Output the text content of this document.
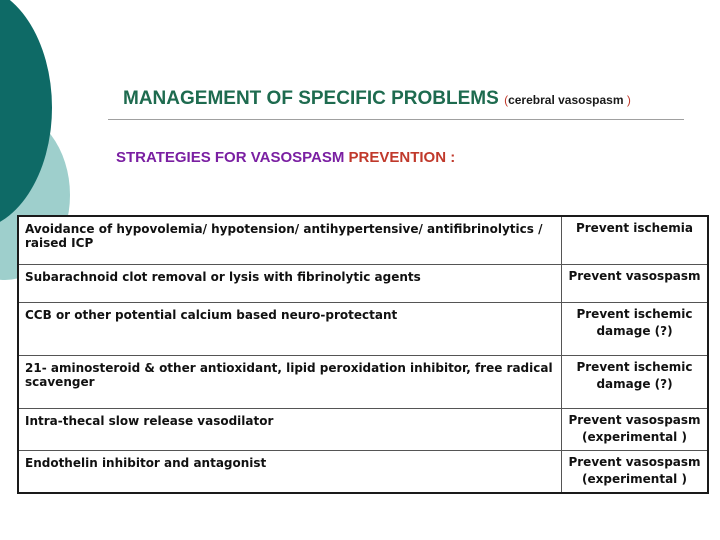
MANAGEMENT OF SPECIFIC PROBLEMS (cerebral vasospasm )
STRATEGIES FOR VASOSPASM PREVENTION :
Avoidance of hypovolemia/ hypotension/ antihypertensive/ antifibrinolytics / raised ICP	Prevent ischemia
Subarachnoid clot removal or lysis with fibrinolytic agents	Prevent vasospasm
CCB or other potential calcium based neuro-protectant	Prevent ischemic damage (?)
21- aminosteroid & other antioxidant, lipid peroxidation inhibitor, free radical scavenger	Prevent ischemic damage (?)
Intra-thecal slow release vasodilator	Prevent vasospasm (experimental )
Endothelin inhibitor and antagonist	Prevent vasospasm (experimental )
